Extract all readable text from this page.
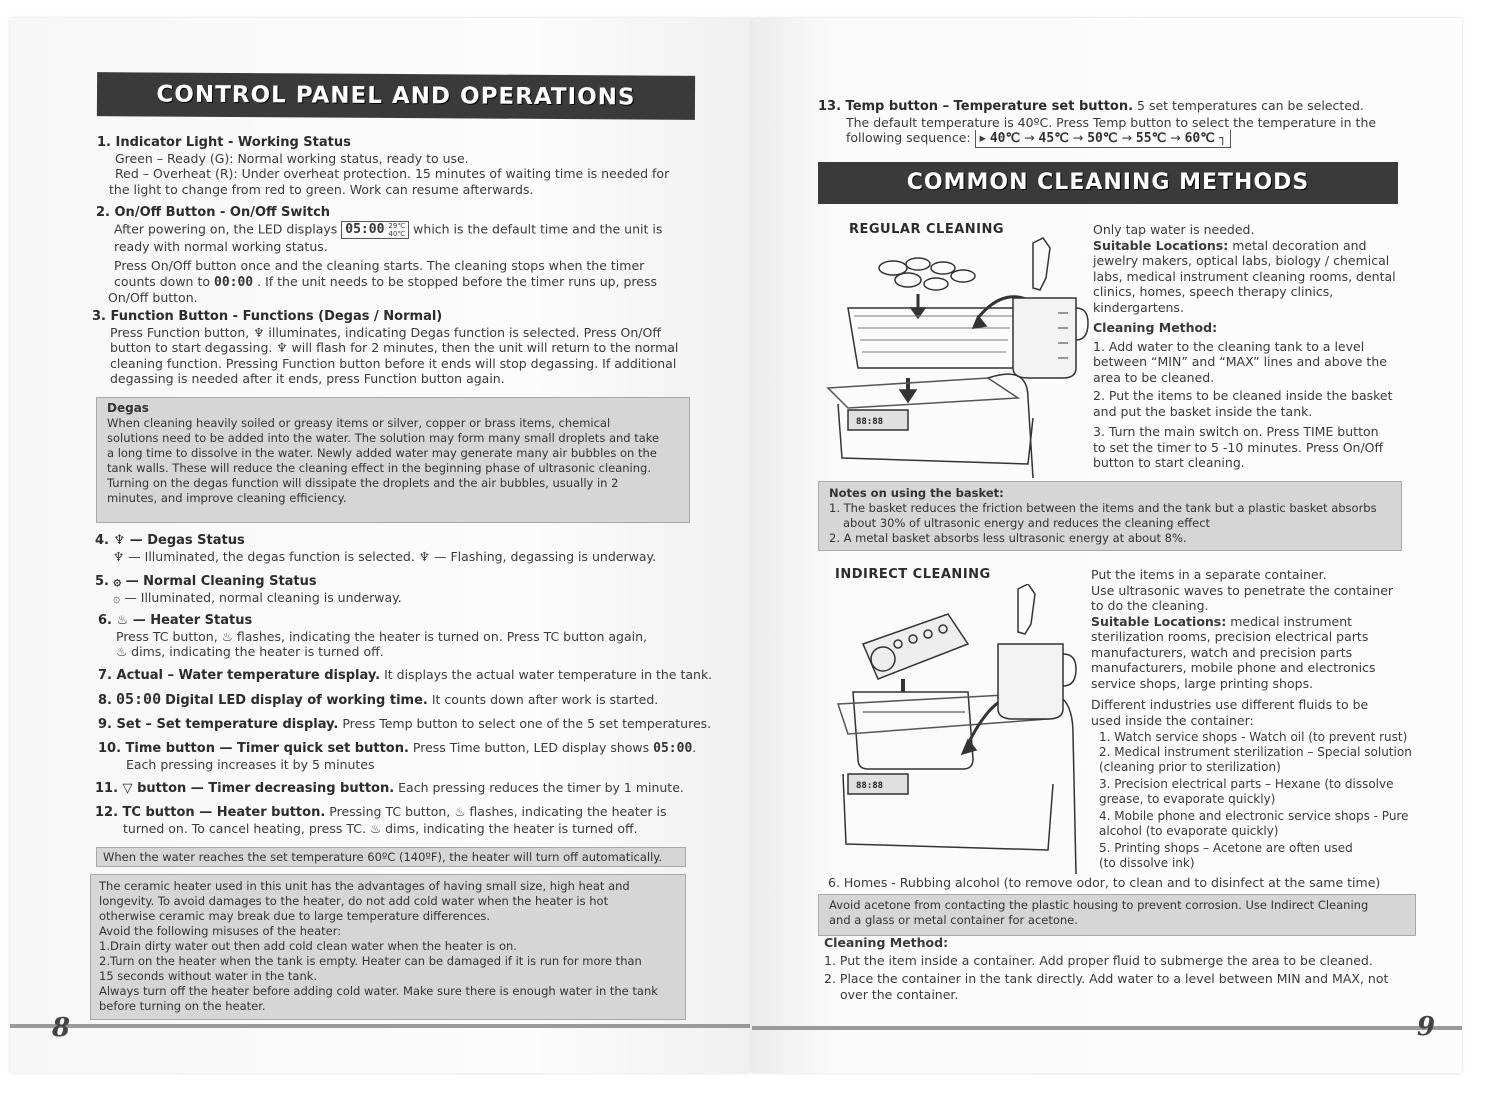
CONTROL PANEL AND OPERATIONS
1. Indicator Light - Working Status
Green – Ready (G): Normal working status, ready to use.
Red – Overheat (R): Under overheat protection. 15 minutes of waiting time is needed for
the light to change from red to green. Work can resume afterwards.
2. On/Off Button - On/Off Switch
After powering on, the LED displays 05:00 29℃
40℃ which is the default time and the unit is
ready with normal working status.
Press On/Off button once and the cleaning starts. The cleaning stops when the timer
counts down to 00:00 . If the unit needs to be stopped before the timer runs up, press
On/Off button.
3. Function Button - Functions (Degas / Normal)
Press Function button, ♆ illuminates, indicating Degas function is selected. Press On/Off
button to start degassing. ♆ will flash for 2 minutes, then the unit will return to the normal
cleaning function. Pressing Function button before it ends will stop degassing. If additional
degassing is needed after it ends, press Function button again.
Degas
When cleaning heavily soiled or greasy items or silver, copper or brass items, chemical
solutions need to be added into the water. The solution may form many small droplets and take
a long time to dissolve in the water. Newly added water may generate many air bubbles on the
tank walls. These will reduce the cleaning effect in the beginning phase of ultrasonic cleaning.
Turning on the degas function will dissipate the droplets and the air bubbles, usually in 2
minutes, and improve cleaning efficiency.
4. ♆ — Degas Status
♆ — Illuminated, the degas function is selected. ♆ — Flashing, degassing is underway.
5. ۞ — Normal Cleaning Status
۞ — Illuminated, normal cleaning is underway.
6. ♨ — Heater Status
Press TC button, ♨ flashes, indicating the heater is turned on. Press TC button again,
♨ dims, indicating the heater is turned off.
7. Actual – Water temperature display. It displays the actual water temperature in the tank.
8. 05:00 Digital LED display of working time. It counts down after work is started.
9. Set – Set temperature display. Press Temp button to select one of the 5 set temperatures.
10. Time button — Timer quick set button. Press Time button, LED display shows 05:00.
Each pressing increases it by 5 minutes
11. ▽ button — Timer decreasing button. Each pressing reduces the timer by 1 minute.
12. TC button — Heater button. Pressing TC button, ♨ flashes, indicating the heater is
turned on. To cancel heating, press TC. ♨ dims, indicating the heater is turned off.
When the water reaches the set temperature 60ºC (140ºF), the heater will turn off automatically.
The ceramic heater used in this unit has the advantages of having small size, high heat and
longevity. To avoid damages to the heater, do not add cold water when the heater is hot
otherwise ceramic may break due to large temperature differences.
Avoid the following misuses of the heater:
1.Drain dirty water out then add cold clean water when the heater is on.
2.Turn on the heater when the tank is empty. Heater can be damaged if it is run for more than
15 seconds without water in the tank.
Always turn off the heater before adding cold water. Make sure there is enough water in the tank
before turning on the heater.
8
13. Temp button – Temperature set button. 5 set temperatures can be selected.
The default temperature is 40ºC. Press Temp button to select the temperature in the
following sequence: ▸ 40℃ → 45℃ → 50℃ → 55℃ → 60℃ ┐
COMMON CLEANING METHODS
REGULAR CLEANING
88:88
Only tap water is needed.
Suitable Locations: metal decoration and
jewelry makers, optical labs, biology / chemical
labs, medical instrument cleaning rooms, dental
clinics, homes, speech therapy clinics,
kindergartens.
Cleaning Method:
1. Add water to the cleaning tank to a level
between “MIN” and “MAX” lines and above the
area to be cleaned.
2. Put the items to be cleaned inside the basket
and put the basket inside the tank.
3. Turn the main switch on. Press TIME button
to set the timer to 5 -10 minutes. Press On/Off
button to start cleaning.
Notes on using the basket:
1. The basket reduces the friction between the items and the tank but a plastic basket absorbs
about 30% of ultrasonic energy and reduces the cleaning effect
2. A metal basket absorbs less ultrasonic energy at about 8%.
INDIRECT CLEANING
88:88
Put the items in a separate container.
Use ultrasonic waves to penetrate the container
to do the cleaning.
Suitable Locations: medical instrument
sterilization rooms, precision electrical parts
manufacturers, watch and precision parts
manufacturers, mobile phone and electronics
service shops, large printing shops.
Different industries use different fluids to be
used inside the container:
1. Watch service shops - Watch oil (to prevent rust)
2. Medical instrument sterilization – Special solution
(cleaning prior to sterilization)
3. Precision electrical parts – Hexane (to dissolve
grease, to evaporate quickly)
4. Mobile phone and electronic service shops - Pure
alcohol (to evaporate quickly)
5. Printing shops – Acetone are often used
(to dissolve ink)
6. Homes - Rubbing alcohol (to remove odor, to clean and to disinfect at the same time)
Avoid acetone from contacting the plastic housing to prevent corrosion. Use Indirect Cleaning
and a glass or metal container for acetone.
Cleaning Method:
1. Put the item inside a container. Add proper fluid to submerge the area to be cleaned.
2. Place the container in the tank directly. Add water to a level between MIN and MAX, not
over the container.
9
